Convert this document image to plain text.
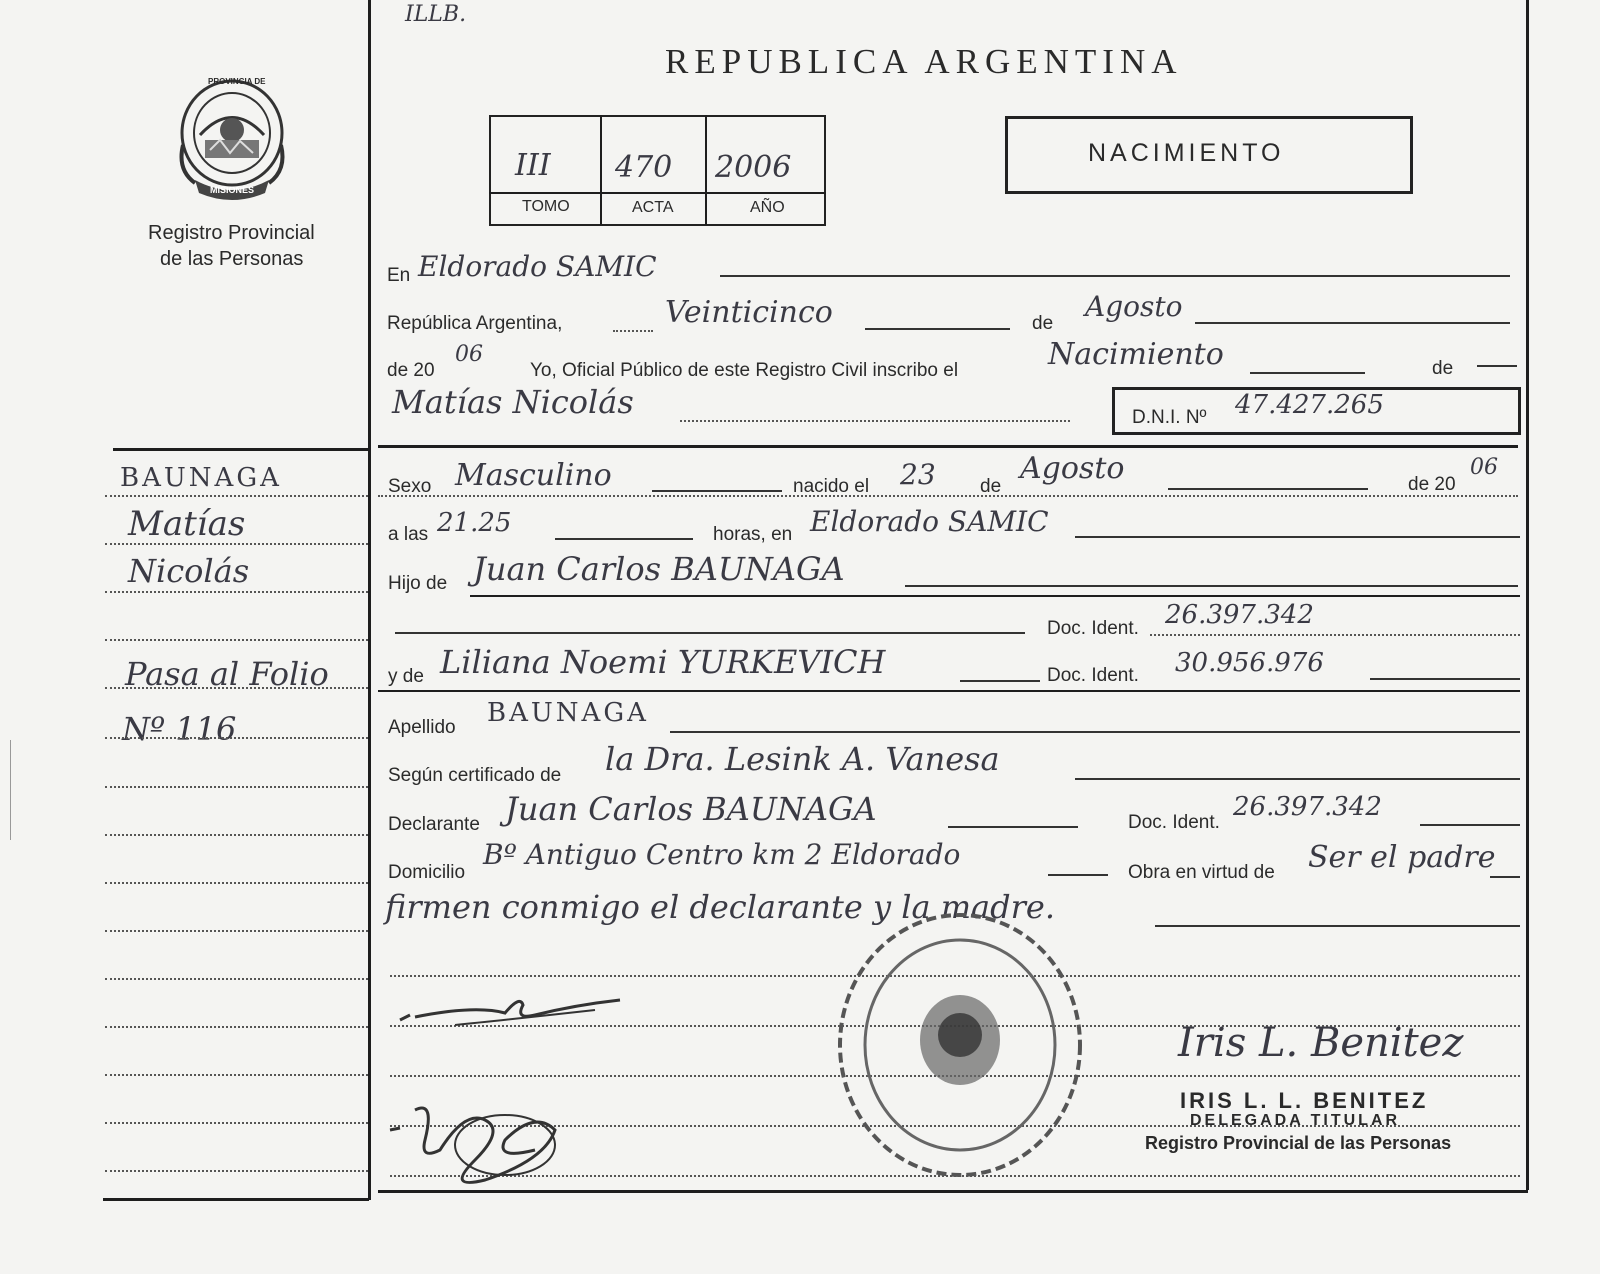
ILLB.
PROVINCIA DE
MISIONES
Registro Provincial
de las Personas
REPUBLICA ARGENTINA
III 470 2006
TOMO	ACTA	AÑO
NACIMIENTO
En Eldorado SAMIC
República Argentina,	Veinticinco	de
Agosto
de 20
06
Yo, Oficial Público de este Registro Civil inscribo el	Nacimiento	de
Matías Nicolás	D.N.I. Nº 47.427.265
BAUNAGA
Matías
Nicolás
Pasa al Folio
Nº 116
Sexo Masculino	nacido el 23 de
Agosto	de 20
06
a las 21.25	horas, en Eldorado SAMIC
Hijo de Juan Carlos BAUNAGA
Doc. Ident. 26.397.342
y de Liliana Noemi YURKEVICH	Doc. Ident. 30.956.976
Apellido BAUNAGA
Según certificado de la Dra. Lesink A. Vanesa
Declarante Juan Carlos BAUNAGA	Doc. Ident.
26.397.342
Domicilio
Bº Antiguo Centro km 2 Eldorado
Obra en virtud de Ser el padre
firmen conmigo el declarante y la madre.
Iris L. Benitez
IRIS L. L. BENITEZ
DELEGADA TITULAR
Registro Provincial de las Personas
